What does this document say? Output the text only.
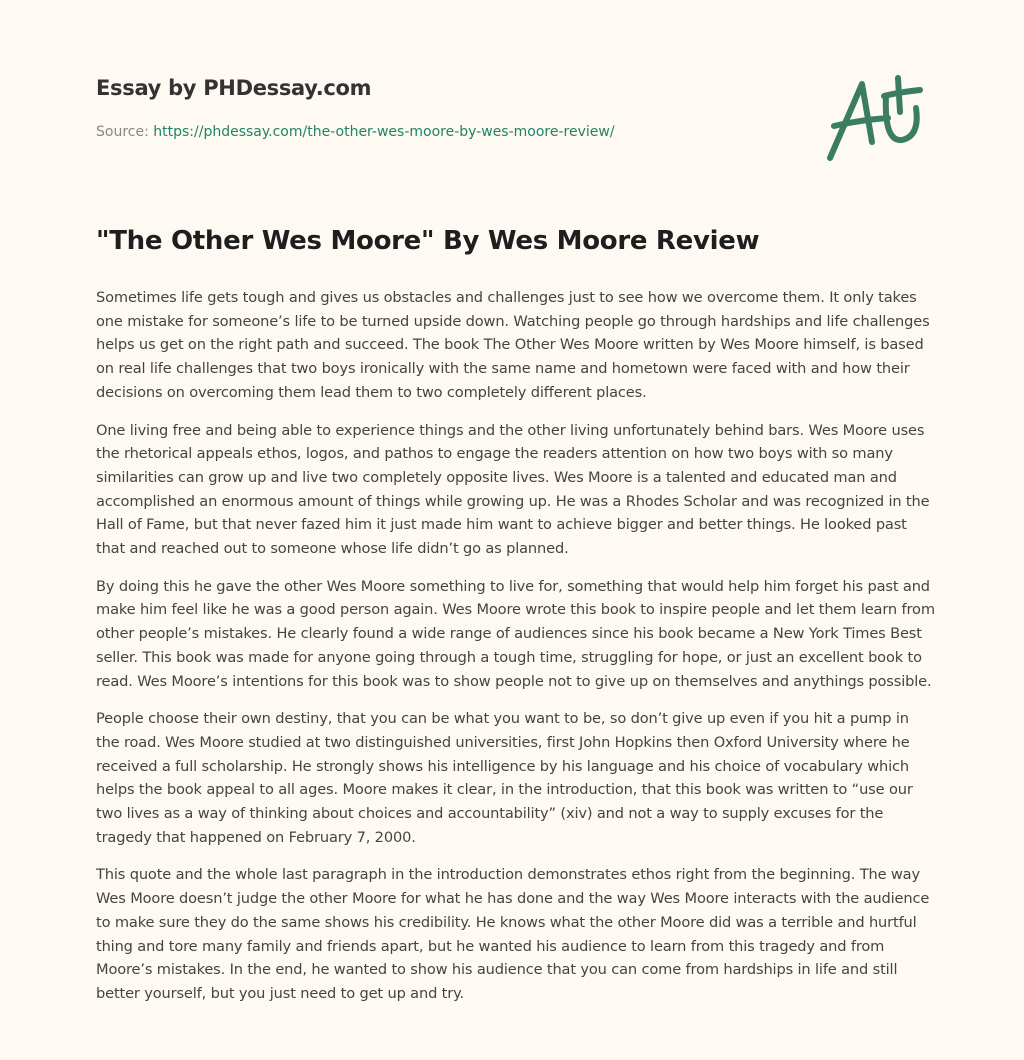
Essay by PHDessay.com
Source: https://phdessay.com/the-other-wes-moore-by-wes-moore-review/
"The Other Wes Moore" By Wes Moore Review

Sometimes life gets tough and gives us obstacles and challenges just to see how we overcome them. It only takes one mistake for someone’s life to be turned upside down. Watching people go through hardships and life challenges helps us get on the right path and succeed. The book The Other Wes Moore written by Wes Moore himself, is based on real life challenges that two boys ironically with the same name and hometown were faced with and how their decisions on overcoming them lead them to two completely different places.

One living free and being able to experience things and the other living unfortunately behind bars. Wes Moore uses the rhetorical appeals ethos, logos, and pathos to engage the readers attention on how two boys with so many similarities can grow up and live two completely opposite lives. Wes Moore is a talented and educated man and accomplished an enormous amount of things while growing up. He was a Rhodes Scholar and was recognized in the Hall of Fame, but that never fazed him it just made him want to achieve bigger and better things. He looked past that and reached out to someone whose life didn’t go as planned.

By doing this he gave the other Wes Moore something to live for, something that would help him forget his past and make him feel like he was a good person again. Wes Moore wrote this book to inspire people and let them learn from other people’s mistakes. He clearly found a wide range of audiences since his book became a New York Times Best seller. This book was made for anyone going through a tough time, struggling for hope, or just an excellent book to read. Wes Moore’s intentions for this book was to show people not to give up on themselves and anythings possible.

People choose their own destiny, that you can be what you want to be, so don’t give up even if you hit a pump in the road. Wes Moore studied at two distinguished universities, first John Hopkins then Oxford University where he received a full scholarship. He strongly shows his intelligence by his language and his choice of vocabulary which helps the book appeal to all ages. Moore makes it clear, in the introduction, that this book was written to “use our two lives as a way of thinking about choices and accountability” (xiv) and not a way to supply excuses for the tragedy that happened on February 7, 2000.

This quote and the whole last paragraph in the introduction demonstrates ethos right from the beginning. The way Wes Moore doesn’t judge the other Moore for what he has done and the way Wes Moore interacts with the audience to make sure they do the same shows his credibility. He knows what the other Moore did was a terrible and hurtful thing and tore many family and friends apart, but he wanted his audience to learn from this tragedy and from Moore’s mistakes. In the end, he wanted to show his audience that you can come from hardships in life and still better yourself, but you just need to get up and try.
